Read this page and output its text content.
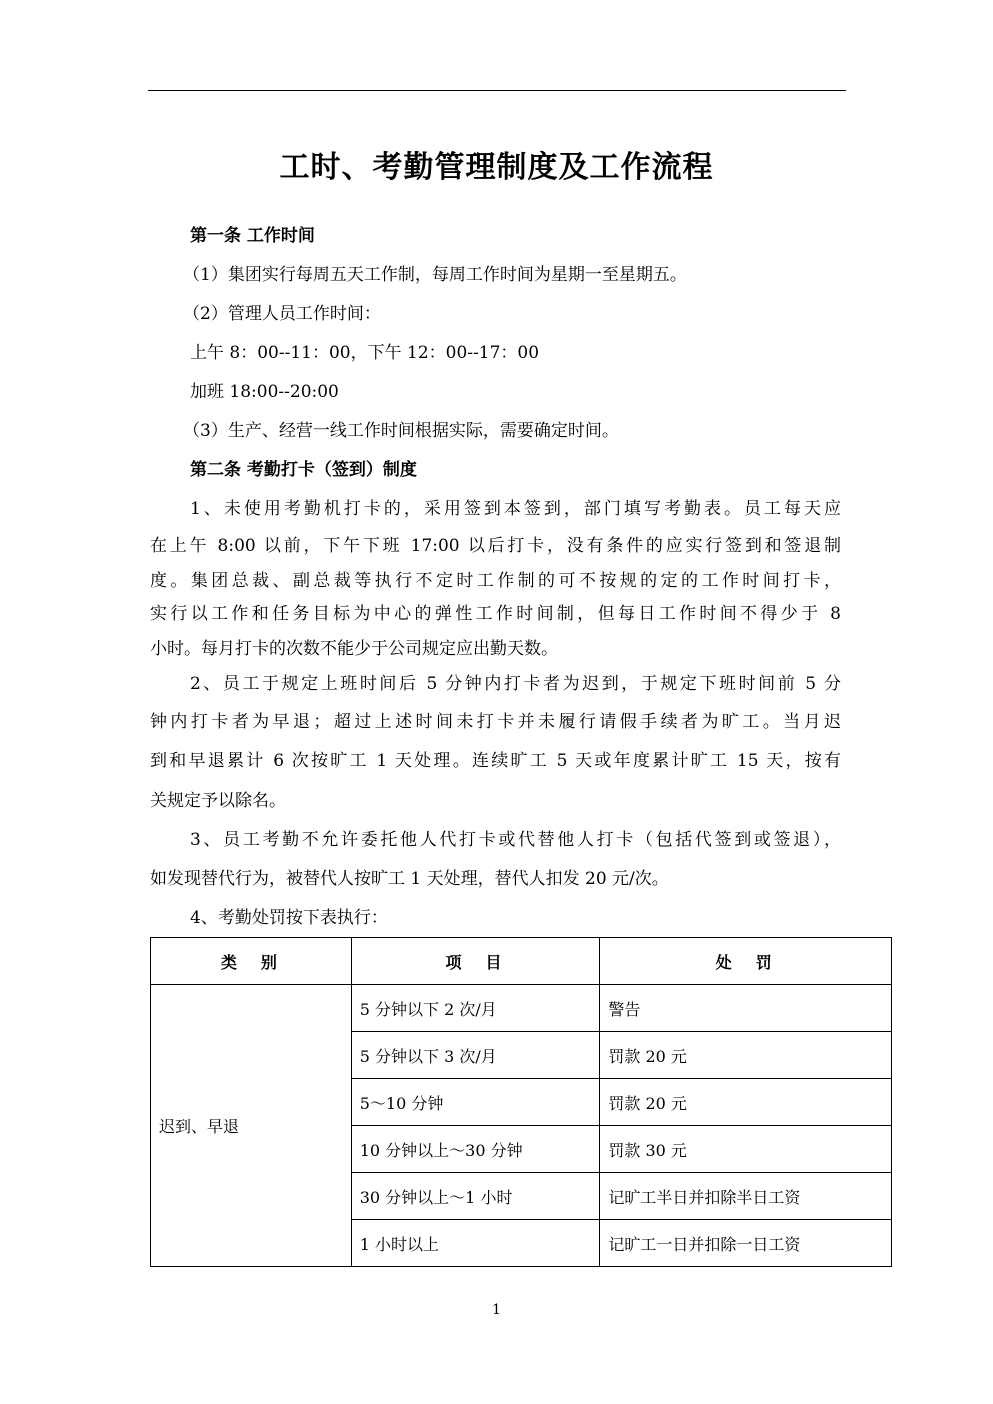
工时、考勤管理制度及工作流程
第一条 工作时间
（1）集团实行每周五天工作制，每周工作时间为星期一至星期五。
（2）管理人员工作时间：
上午 8：00--11：00，下午 12：00--17：00
加班 18:00--20:00
（3）生产、经营一线工作时间根据实际，需要确定时间。
第二条 考勤打卡（签到）制度
1、未使用考勤机打卡的，采用签到本签到，部门填写考勤表。员工每天应
在上午 8:00 以前，下午下班 17:00 以后打卡，没有条件的应实行签到和签退制
度。集团总裁、副总裁等执行不定时工作制的可不按规的定的工作时间打卡，
实行以工作和任务目标为中心的弹性工作时间制，但每日工作时间不得少于 8
小时。每月打卡的次数不能少于公司规定应出勤天数。
2、员工于规定上班时间后 5 分钟内打卡者为迟到，于规定下班时间前 5 分
钟内打卡者为早退；超过上述时间未打卡并未履行请假手续者为旷工。当月迟
到和早退累计 6 次按旷工 1 天处理。连续旷工 5 天或年度累计旷工 15 天，按有
关规定予以除名。
3、员工考勤不允许委托他人代打卡或代替他人打卡（包括代签到或签退），
如发现替代行为，被替代人按旷工 1 天处理，替代人扣发 20 元/次。
4、考勤处罚按下表执行：
类　别	项　目	处　罚
迟到、早退	5 分钟以下 2 次/月	警告
	5 分钟以下 3 次/月	罚款 20 元
	5～10 分钟	罚款 20 元
	10 分钟以上～30 分钟	罚款 30 元
	30 分钟以上～1 小时	记旷工半日并扣除半日工资
	1 小时以上	记旷工一日并扣除一日工资
1
